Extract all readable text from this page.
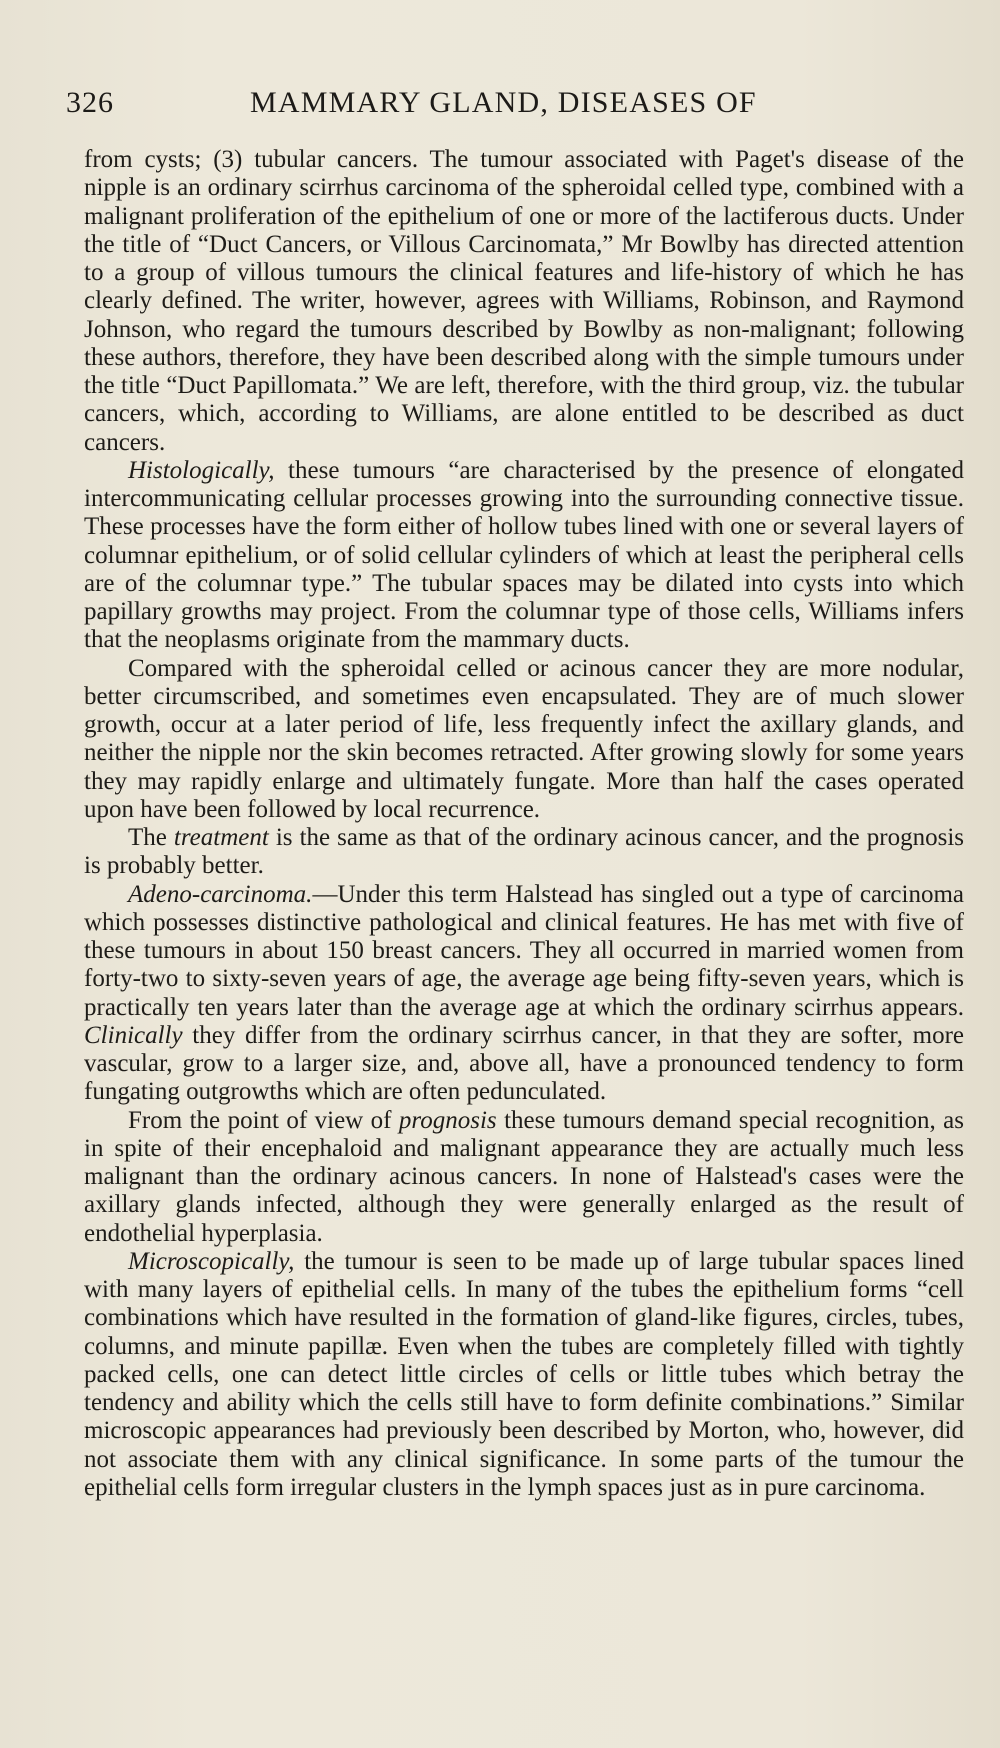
326	MAMMARY GLAND, DISEASES OF

from cysts; (3) tubular cancers. The tumour associated with Paget's disease of the nipple is an ordinary scirrhus carcinoma of the spheroidal celled type, combined with a malignant proliferation of the epithelium of one or more of the lactiferous ducts. Under the title of “Duct Cancers, or Villous Carcinomata,” Mr Bowlby has directed attention to a group of villous tumours the clinical features and life-history of which he has clearly defined. The writer, however, agrees with Williams, Robinson, and Raymond Johnson, who regard the tumours described by Bowlby as non-malignant; following these authors, therefore, they have been described along with the simple tumours under the title “Duct Papillomata.” We are left, therefore, with the third group, viz. the tubular cancers, which, according to Williams, are alone entitled to be described as duct cancers.

Histologically, these tumours “are characterised by the presence of elongated intercommunicating cellular processes growing into the surrounding connective tissue. These processes have the form either of hollow tubes lined with one or several layers of columnar epithelium, or of solid cellular cylinders of which at least the peripheral cells are of the columnar type.” The tubular spaces may be dilated into cysts into which papillary growths may project. From the columnar type of those cells, Williams infers that the neoplasms originate from the mammary ducts.

Compared with the spheroidal celled or acinous cancer they are more nodular, better circumscribed, and sometimes even encapsulated. They are of much slower growth, occur at a later period of life, less frequently infect the axillary glands, and neither the nipple nor the skin becomes retracted. After growing slowly for some years they may rapidly enlarge and ultimately fungate. More than half the cases operated upon have been followed by local recurrence.

The treatment is the same as that of the ordinary acinous cancer, and the prognosis is probably better.

Adeno-carcinoma.—Under this term Halstead has singled out a type of carcinoma which possesses distinctive pathological and clinical features. He has met with five of these tumours in about 150 breast cancers. They all occurred in married women from forty-two to sixty-seven years of age, the average age being fifty-seven years, which is practically ten years later than the average age at which the ordinary scirrhus appears. Clinically they differ from the ordinary scirrhus cancer, in that they are softer, more vascular, grow to a larger size, and, above all, have a pronounced tendency to form fungating outgrowths which are often pedunculated.

From the point of view of prognosis these tumours demand special recognition, as in spite of their encephaloid and malignant appearance they are actually much less malignant than the ordinary acinous cancers. In none of Halstead's cases were the axillary glands infected, although they were generally enlarged as the result of endothelial hyperplasia.

Microscopically, the tumour is seen to be made up of large tubular spaces lined with many layers of epithelial cells. In many of the tubes the epithelium forms “cell combinations which have resulted in the formation of gland-like figures, circles, tubes, columns, and minute papillæ. Even when the tubes are completely filled with tightly packed cells, one can detect little circles of cells or little tubes which betray the tendency and ability which the cells still have to form definite combinations.” Similar microscopic appearances had previously been described by Morton, who, however, did not associate them with any clinical significance. In some parts of the tumour the epithelial cells form irregular clusters in the lymph spaces just as in pure carcinoma.
